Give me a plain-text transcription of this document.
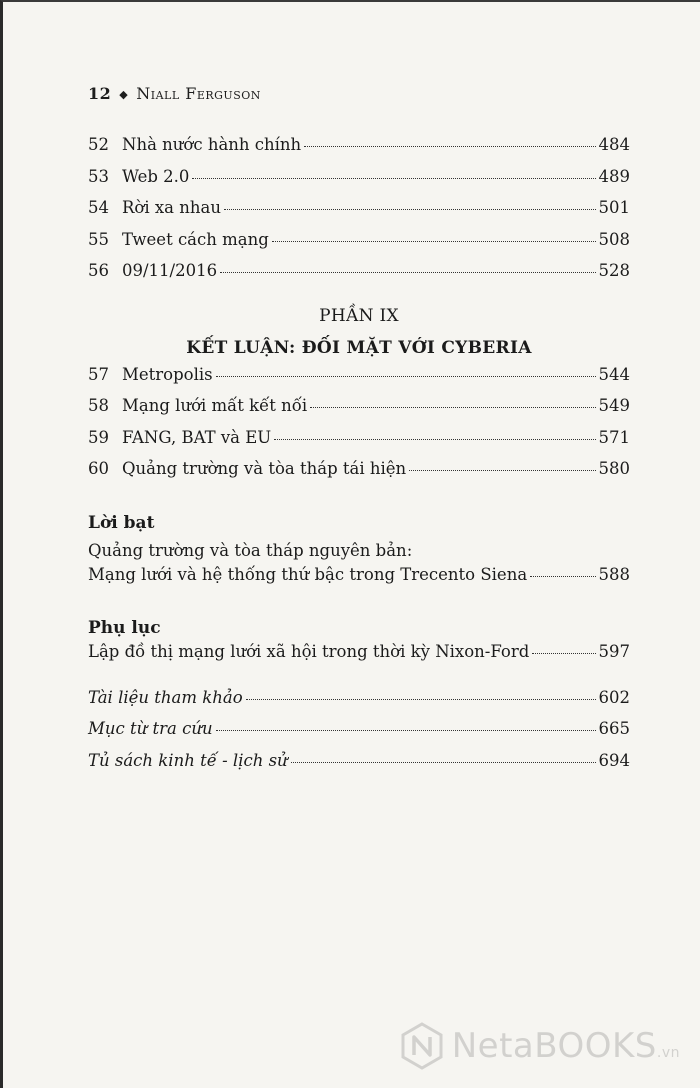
12 ◆ Niall Ferguson
52 Nhà nước hành chính	484
53 Web 2.0	489
54 Rời xa nhau	501
55 Tweet cách mạng	508
56 09/11/2016	528
PHẦN IX
KẾT LUẬN: ĐỐI MẶT VỚI CYBERIA
57 Metropolis	544
58 Mạng lưới mất kết nối	549
59 FANG, BAT và EU	571
60 Quảng trường và tòa tháp tái hiện	580
Lời bạt
Quảng trường và tòa tháp nguyên bản:
Mạng lưới và hệ thống thứ bậc trong Trecento Siena	588
Phụ lục
Lập đồ thị mạng lưới xã hội trong thời kỳ Nixon-Ford	597
Tài liệu tham khảo	602
Mục từ tra cứu	665
Tủ sách kinh tế - lịch sử	694
NetaBOOKS.vn
